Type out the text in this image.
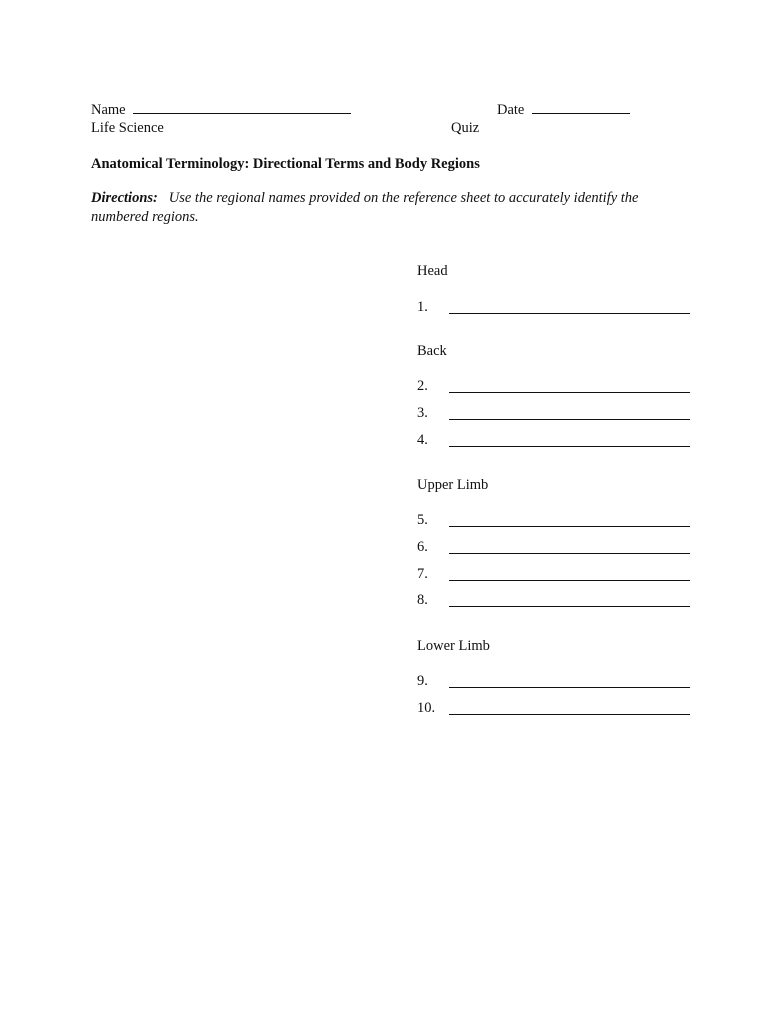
Name	Date
Life Science	Quiz
Anatomical Terminology: Directional Terms and Body Regions
Directions: Use the regional names provided on the reference sheet to accurately identify the numbered regions.
Head
1.
Back
2.
3.
4.
Upper Limb
5.
6.
7.
8.
Lower Limb
9.
10.
